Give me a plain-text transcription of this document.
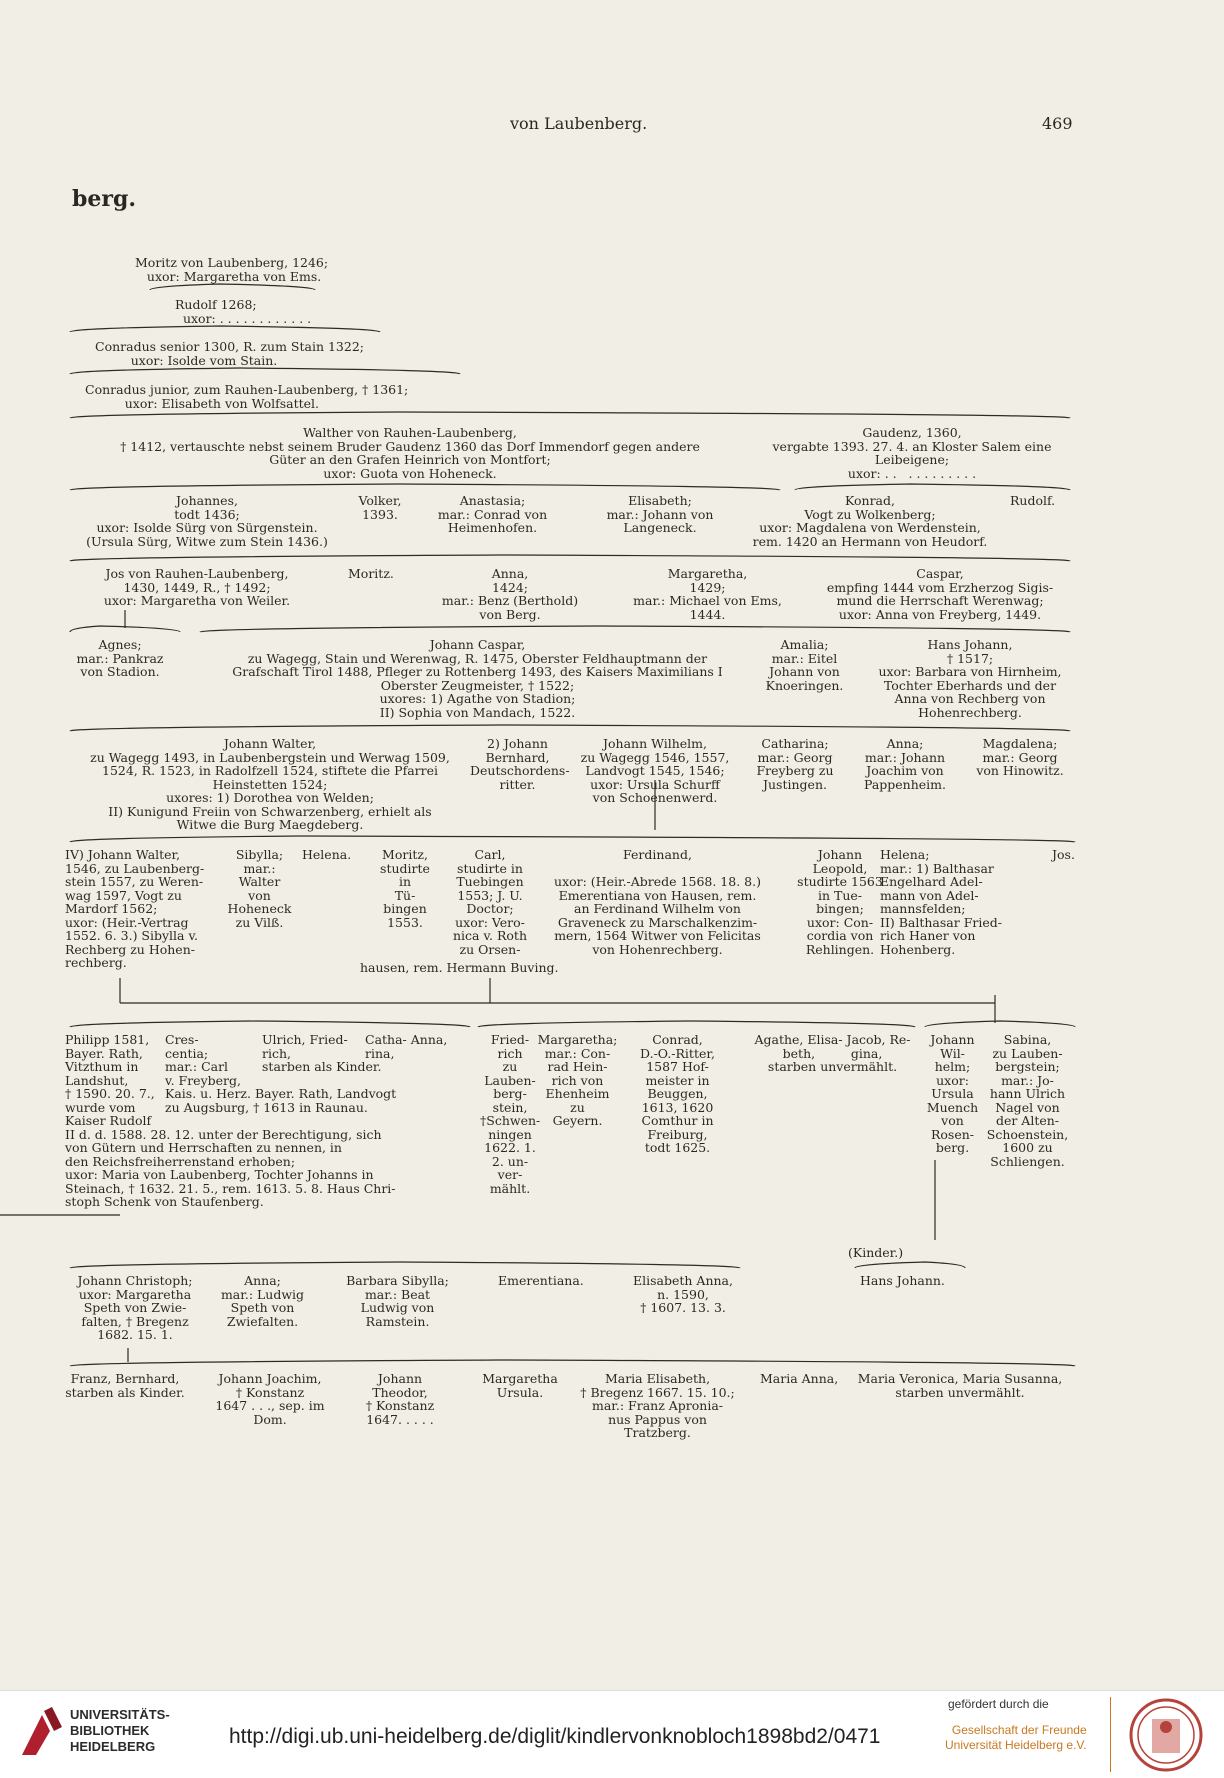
von Laubenberg.	469
berg.
Moritz von Laubenberg, 1246;
uxor: Margaretha von Ems.
Rudolf 1268;
uxor: . . . . . . . . . . . .
Conradus senior 1300, R. zum Stain 1322;
uxor: Isolde vom Stain.
Conradus junior, zum Rauhen-Laubenberg, † 1361;
uxor: Elisabeth von Wolfsattel.
Walther von Rauhen-Laubenberg,
† 1412, vertauschte nebst seinem Bruder Gaudenz 1360 das Dorf Immendorf gegen andere
Güter an den Grafen Heinrich von Montfort;
uxor: Guota von Hoheneck.
Gaudenz, 1360,
vergabte 1393. 27. 4. an Kloster Salem eine
Leibeigene;
uxor: . .   . . . . . . . . .
Johannes,
todt 1436;
uxor: Isolde Sürg von Sürgenstein.
(Ursula Sürg, Witwe zum Stein 1436.)
Volker,
1393.
Anastasia;
mar.: Conrad von
Heimenhofen.
Elisabeth;
mar.: Johann von
Langeneck.
Konrad,
Vogt zu Wolkenberg;
uxor: Magdalena von Werdenstein,
rem. 1420 an Hermann von Heudorf.
Rudolf.
Jos von Rauhen-Laubenberg,
1430, 1449, R., † 1492;
uxor: Margaretha von Weiler.
Moritz.	Anna,
1424;
mar.: Benz (Berthold)
von Berg.
Margaretha,
1429;
mar.: Michael von Ems,
1444.
Caspar,
empfing 1444 vom Erzherzog Sigis-
mund die Herrschaft Werenwag;
uxor: Anna von Freyberg, 1449.
Agnes;
mar.: Pankraz
von Stadion.
Johann Caspar,
zu Wagegg, Stain und Werenwag, R. 1475, Oberster Feldhauptmann der
Grafschaft Tirol 1488, Pfleger zu Rottenberg 1493, des Kaisers Maximilians I
Oberster Zeugmeister, † 1522;
uxores: 1) Agathe von Stadion;
II) Sophia von Mandach, 1522.
Amalia;
mar.: Eitel
Johann von
Knoeringen.
Hans Johann,
† 1517;
uxor: Barbara von Hirnheim,
Tochter Eberhards und der
Anna von Rechberg von
Hohenrechberg.
Johann Walter,
zu Wagegg 1493, in Laubenbergstein und Werwag 1509,
1524, R. 1523, in Radolfzell 1524, stiftete die Pfarrei
Heinstetten 1524;
uxores: 1) Dorothea von Welden;
II) Kunigund Freiin von Schwarzenberg, erhielt als
Witwe die Burg Maegdeberg.
2) Johann
Bernhard,
Deutschordens-
ritter.
Johann Wilhelm,
zu Wagegg 1546, 1557,
Landvogt 1545, 1546;
uxor: Ursula Schurff
von Schoenenwerd.
Catharina;
mar.: Georg
Freyberg zu
Justingen.
Anna;
mar.: Johann
Joachim von
Pappenheim.
Magdalena;
mar.: Georg
von Hinowitz.
IV) Johann Walter,
1546, zu Laubenberg-
stein 1557, zu Weren-
wag 1597, Vogt zu
Mardorf 1562;
uxor: (Heir.-Vertrag
1552. 6. 3.) Sibylla v.
Rechberg zu Hohen-
rechberg.
Sibylla;
mar.:
Walter
von
Hoheneck
zu Vilß.
Helena.	Moritz,
studirte
in
Tü-
bingen
1553.
Carl,
studirte in
Tuebingen
1553; J. U.
Doctor;
uxor: Vero-
nica v. Roth
zu Orsen-
Ferdinand,

uxor: (Heir.-Abrede 1568. 18. 8.)
Emerentiana von Hausen, rem.
an Ferdinand Wilhelm von
Graveneck zu Marschalkenzim-
mern, 1564 Witwer von Felicitas
von Hohenrechberg.
hausen, rem. Hermann Buving.
Johann
Leopold,
studirte 1563
in Tue-
bingen;
uxor: Con-
cordia von
Rehlingen.
Helena;
mar.: 1) Balthasar
Engelhard Adel-
mann von Adel-
mannsfelden;
II) Balthasar Fried-
rich Haner von
Hohenberg.
Jos.
Philipp 1581,
Bayer. Rath,
Vitzthum in
Landshut,
† 1590. 20. 7.,
wurde vom
Kaiser Rudolf
II d. d. 1588. 28. 12. unter der Berechtigung, sich
von Gütern und Herrschaften zu nennen, in
den Reichsfreiherrenstand erhoben;
uxor: Maria von Laubenberg, Tochter Johanns in
Steinach, † 1632. 21. 5., rem. 1613. 5. 8. Haus Chri-
stoph Schenk von Staufenberg.
Cres-
centia;
mar.: Carl
v. Freyberg,
Kais. u. Herz. Bayer. Rath, Landvogt
zu Augsburg, † 1613 in Raunau.
Ulrich, Fried-
rich,
starben als Kinder.
Catha- Anna,
rina,
Fried-
rich
zu
Lauben-
berg-
stein,
†Schwen-
ningen
1622. 1.
2. un-
ver-
mählt.
Margaretha;
mar.: Con-
rad Hein-
rich von
Ehenheim
zu
Geyern.
Conrad,
D.-O.-Ritter,
1587 Hof-
meister in
Beuggen,
1613, 1620
Comthur in
Freiburg,
todt 1625.
Agathe, Elisa- Jacob, Re-
beth,         gina,
starben unvermählt.
Johann
Wil-
helm;
uxor:
Ursula
Muench
von
Rosen-
berg.
Sabina,
zu Lauben-
bergstein;
mar.: Jo-
hann Ulrich
Nagel von
der Alten-
Schoenstein,
1600 zu
Schliengen.
(Kinder.)
Johann Christoph;
uxor: Margaretha
Speth von Zwie-
falten, † Bregenz
1682. 15. 1.
Anna;
mar.: Ludwig
Speth von
Zwiefalten.
Barbara Sibylla;
mar.: Beat
Ludwig von
Ramstein.
Emerentiana.	Elisabeth Anna,
n. 1590,
† 1607. 13. 3.
Hans Johann.
Franz, Bernhard,
starben als Kinder.
Johann Joachim,
† Konstanz
1647 . . ., sep. im
Dom.
Johann
Theodor,
† Konstanz
1647. . . . .
Margaretha
Ursula.
Maria Elisabeth,
† Bregenz 1667. 15. 10.;
mar.: Franz Apronia-
nus Pappus von
Tratzberg.
Maria Anna,	Maria Veronica, Maria Susanna,
starben unvermählt.
UNIVERSITÄTS-
BIBLIOTHEK
HEIDELBERG	http://digi.ub.uni-heidelberg.de/diglit/kindlervonknobloch1898bd2/0471
gefördert durch die
Gesellschaft der Freunde
Universität Heidelberg e.V.
